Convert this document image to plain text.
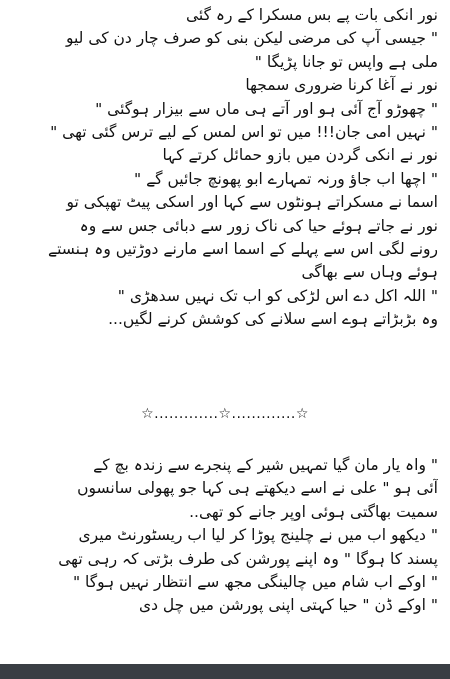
نور انکی بات پے بس مسکرا کے رہ گئی
" جیسی آپ کی مرضی لیکن بنی کو صرف چار دن کی لیو
ملی ہے واپس تو جانا پڑیگا "
نور نے آغا کرنا ضروری سمجھا
" چھوڑو آج آئی ہو اور آتے ہی ماں سے بیزار ہوگئی "
" نہیں امی جان!!! میں تو اس لمس کے لیے ترس گئی تھی "
نور نے انکی گردن میں بازو حمائل کرتے کہا
" اچھا اب جاؤ ورنہ تمہارے ابو پھونچ جائیں گے "
اسما نے مسکراتے ہونٹوں سے کہا اور اسکی پیٹ تھپکی تو
نور نے جاتے ہوئے حیا کی ناک زور سے دبائی جس سے وہ
رونے لگی اس سے پہلے کے اسما اسے مارنے دوڑتیں وہ ہنستے
ہوئے وہاں سے بھاگی
" اللہ اکل دے اس لڑکی کو اب تک نہیں سدھڑی "
وہ بڑبڑاتے ہوے اسے سلانے کی کوشش کرنے لگیں...
☆.............☆.............☆
" واہ یار مان گیا تمہیں شیر کے پنجرے سے زندہ بچ کے
آئی ہو " علی نے اسے دیکھتے ہی کہا جو پھولی سانسوں
سمیت بھاگتی ہوئی اوپر جانے کو تھی..
" دیکھو اب میں نے چلینج پوڑا کر لیا اب ریسٹورنٹ میری
پسند کا ہوگا " وہ اپنے پورشن کی طرف بڑتی کہ رہی تھی
" اوکے اب شام میں چالینگی مجھ سے انتظار نہیں ہوگا "
" اوکے ڈن " حیا کہتی اپنی پورشن میں چل دی
